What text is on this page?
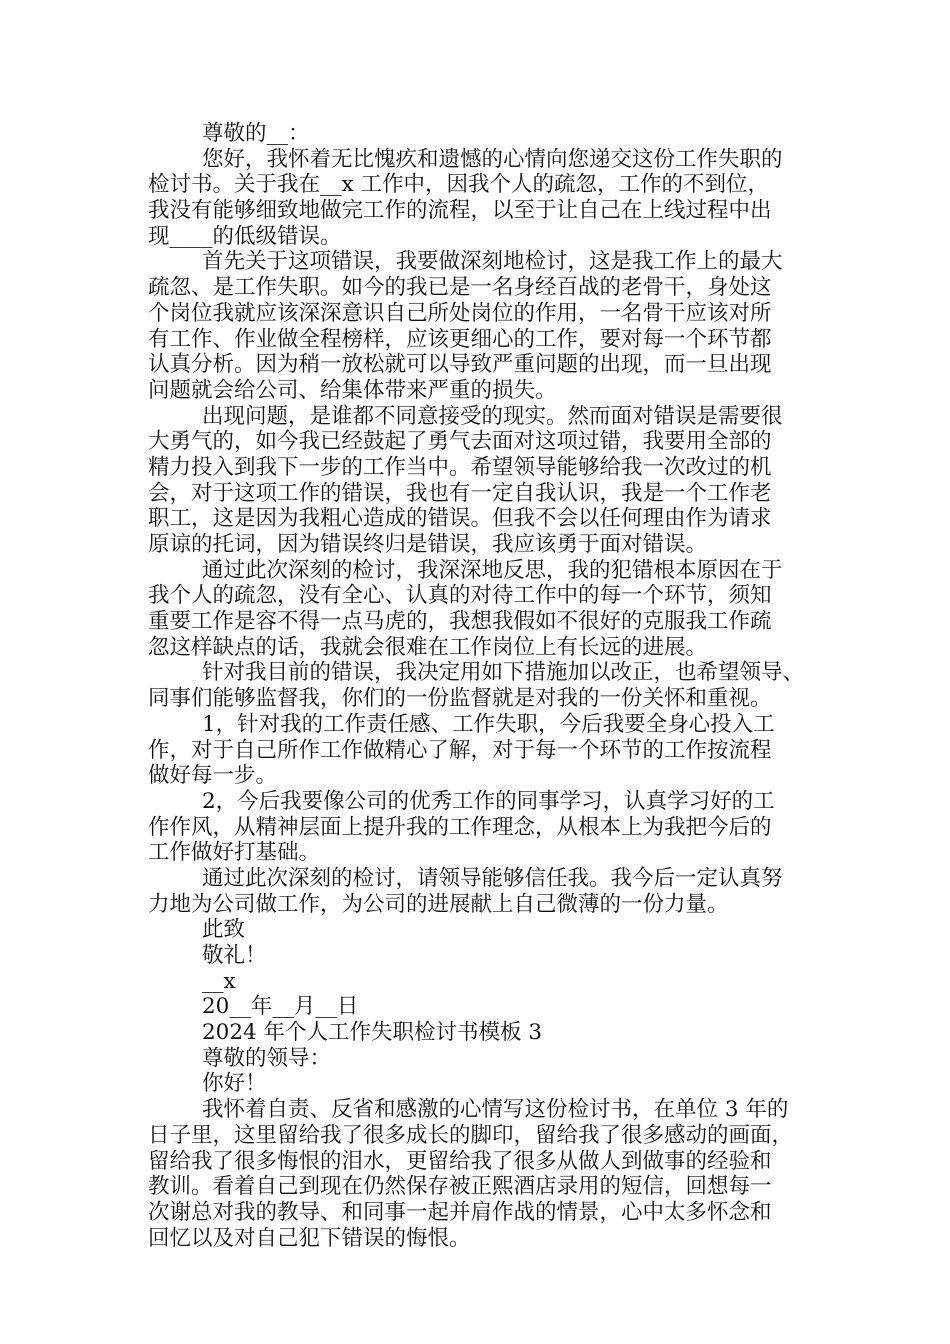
尊敬的__：
您好，我怀着无比愧疚和遗憾的心情向您递交这份工作失职的
检讨书。关于我在__x 工作中，因我个人的疏忽，工作的不到位，
我没有能够细致地做完工作的流程，以至于让自己在上线过程中出
现____的低级错误。
首先关于这项错误，我要做深刻地检讨，这是我工作上的最大
疏忽、是工作失职。如今的我已是一名身经百战的老骨干，身处这
个岗位我就应该深深意识自己所处岗位的作用，一名骨干应该对所
有工作、作业做全程榜样，应该更细心的工作，要对每一个环节都
认真分析。因为稍一放松就可以导致严重问题的出现，而一旦出现
问题就会给公司、给集体带来严重的损失。
出现问题，是谁都不同意接受的现实。然而面对错误是需要很
大勇气的，如今我已经鼓起了勇气去面对这项过错，我要用全部的
精力投入到我下一步的工作当中。希望领导能够给我一次改过的机
会，对于这项工作的错误，我也有一定自我认识，我是一个工作老
职工，这是因为我粗心造成的错误。但我不会以任何理由作为请求
原谅的托词，因为错误终归是错误，我应该勇于面对错误。
通过此次深刻的检讨，我深深地反思，我的犯错根本原因在于
我个人的疏忽，没有全心、认真的对待工作中的每一个环节，须知
重要工作是容不得一点马虎的，我想我假如不很好的克服我工作疏
忽这样缺点的话，我就会很难在工作岗位上有长远的进展。
针对我目前的错误，我决定用如下措施加以改正，也希望领导、
同事们能够监督我，你们的一份监督就是对我的一份关怀和重视。
1，针对我的工作责任感、工作失职，今后我要全身心投入工
作，对于自己所作工作做精心了解，对于每一个环节的工作按流程
做好每一步。
2，今后我要像公司的优秀工作的同事学习，认真学习好的工
作作风，从精神层面上提升我的工作理念，从根本上为我把今后的
工作做好打基础。
通过此次深刻的检讨，请领导能够信任我。我今后一定认真努
力地为公司做工作，为公司的进展献上自己微薄的一份力量。
此致
敬礼！
__x
20__年__月__日
2024 年个人工作失职检讨书模板 3
尊敬的领导：
你好！
我怀着自责、反省和感激的心情写这份检讨书，在单位 3 年的
日子里，这里留给我了很多成长的脚印，留给我了很多感动的画面，
留给我了很多悔恨的泪水，更留给我了很多从做人到做事的经验和
教训。看着自己到现在仍然保存被正熙酒店录用的短信，回想每一
次谢总对我的教导、和同事一起并肩作战的情景，心中太多怀念和
回忆以及对自己犯下错误的悔恨。
